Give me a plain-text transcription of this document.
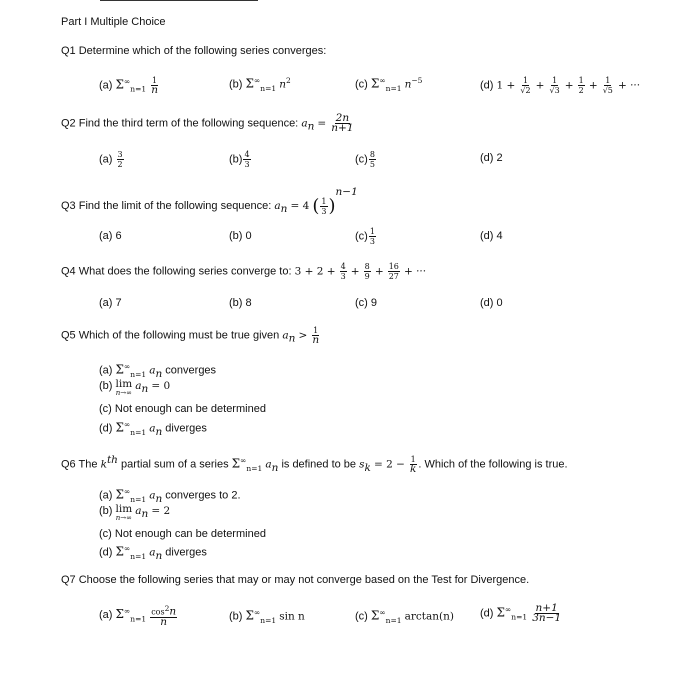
Part I Multiple Choice
Q1 Determine which of the following series converges:
(a) $\Sigma^\infty_{n=1} \frac{1}{n}$	(b) $\Sigma^\infty_{n=1}$ $n^2$	(c) $\Sigma^\infty_{n=1}$ $n^{-5}$	(d) $1 + \frac{1}{√2} + \frac{1}{√3} + \frac{1}{2} + \frac{1}{√5}$ + ···
Q2 Find the third term of the following sequence: $a_n = \frac{2n}{n+1}$
$(a) \frac{3}{2}$	$(b) \frac{4}{3}$	$(c) \frac{8}{5}$	(d) 2
Q3 Find the limit of the following sequence: $a_n = 4$ ( $\frac{1}{3} )^{n-1}$
(a) 6	(b) 0	$(c) \frac{1}{3}$	(d) 4
Q4 What does the following series converge to: $3 + 2 + \frac{4}{3} + \frac{8}{9} + \frac{16}{27}$ + ···
(a) 7	(b) 8	(c) 9	(d) 0
Q5 Which of the following must be true given $a_n > \frac{1}{n}$
(a) $\Sigma^\infty_{n=1}$ $a_n$ converges
(b) lim
n→∞
$a_n = 0$
(c) Not enough can be determined
(d) $\Sigma^\infty_{n=1}$ $a_n$ diverges
Q6 The $k^{th}$ partial sum of a series $\Sigma^\infty_{n=1}$ $a_n$ is defined to be $s_k = 2 - \frac{1}{k}$ . Which of the following is true.
(a) $\Sigma^\infty_{n=1}$ $a_n$ converges to 2.
(b) lim
n→∞
$a_n = 2$
(c) Not enough can be determined
(d) $\Sigma^\infty_{n=1}$ $a_n$ diverges
Q7 Choose the following series that may or may not converge based on the Test for Divergence.
(a) $\Sigma^\infty_{n=1} \frac{\cos^2n}{n}$	(b) $\Sigma^\infty_{n=1}$ sin n	(c) $\Sigma^\infty_{n=1}$ arctan(n) (d) $\Sigma^\infty_{n=1} \frac{n+1}{3n-1}$
